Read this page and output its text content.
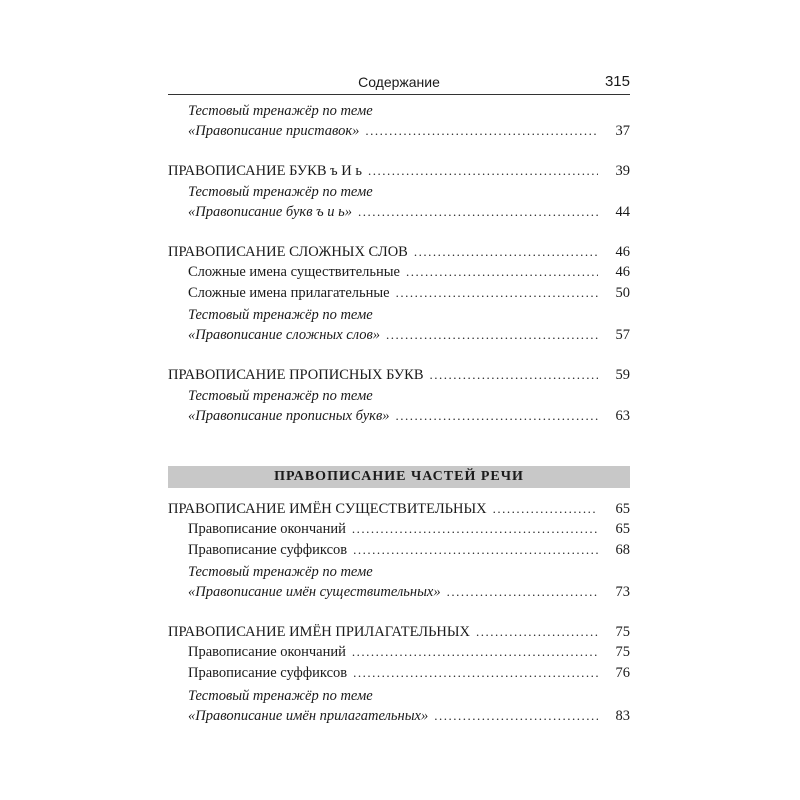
Содержание	315
Тестовый тренажёр по теме
«Правописание приставок» .....	37
ПРАВОПИСАНИЕ БУКВ ъ И ь .....	39
Тестовый тренажёр по теме
«Правописание букв ъ и ь» .....	44
ПРАВОПИСАНИЕ СЛОЖНЫХ СЛОВ .....	46
Сложные имена существительные .....	46
Сложные имена прилагательные .....	50
Тестовый тренажёр по теме
«Правописание сложных слов» .....	57
ПРАВОПИСАНИЕ ПРОПИСНЫХ БУКВ .....	59
Тестовый тренажёр по теме
«Правописание прописных букв» .....	63
ПРАВОПИСАНИЕ ЧАСТЕЙ РЕЧИ
ПРАВОПИСАНИЕ ИМЁН СУЩЕСТВИТЕЛЬНЫХ .....	65
Правописание окончаний .....	65
Правописание суффиксов .....	68
Тестовый тренажёр по теме
«Правописание имён существительных» .....	73
ПРАВОПИСАНИЕ ИМЁН ПРИЛАГАТЕЛЬНЫХ .....	75
Правописание окончаний .....	75
Правописание суффиксов .....	76
Тестовый тренажёр по теме
«Правописание имён прилагательных» .....	83
